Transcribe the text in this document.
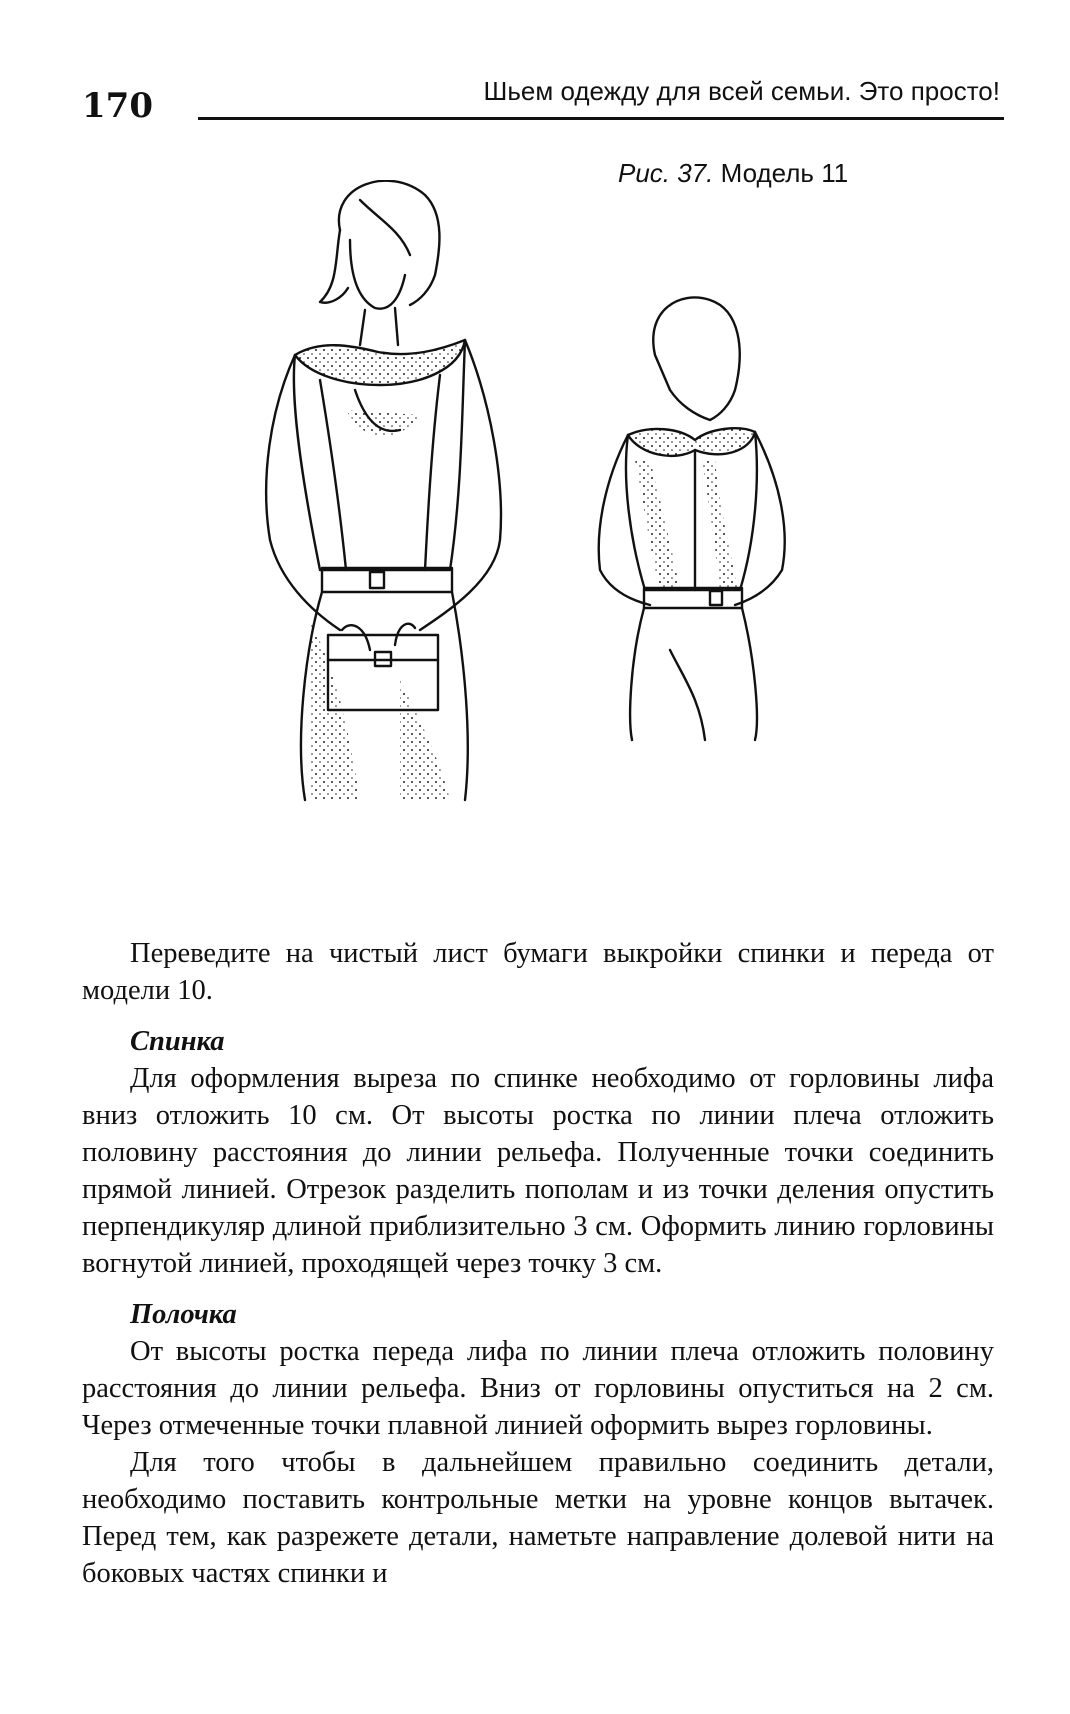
170	Шьем одежду для всей семьи. Это просто!
Рис. 37. Модель 11

Переведите на чистый лист бумаги выкройки спинки и переда от модели 10.

Спинка

Для оформления выреза по спинке необходимо от горловины лифа вниз отложить 10 см. От высоты ростка по линии плеча отложить половину расстояния до линии рельефа. Полученные точки соединить прямой линией. Отрезок разделить пополам и из точки деления опустить перпендикуляр длиной приблизительно 3 см. Оформить линию горловины вогнутой линией, проходящей через точку 3 см.

Полочка

От высоты ростка переда лифа по линии плеча отложить половину расстояния до линии рельефа. Вниз от горловины опуститься на 2 см. Через отмеченные точки плавной линией оформить вырез горловины.

Для того чтобы в дальнейшем правильно соединить детали, необходимо поставить контрольные метки на уровне концов вытачек. Перед тем, как разрежете детали, наметьте направление долевой нити на боковых частях спинки и
